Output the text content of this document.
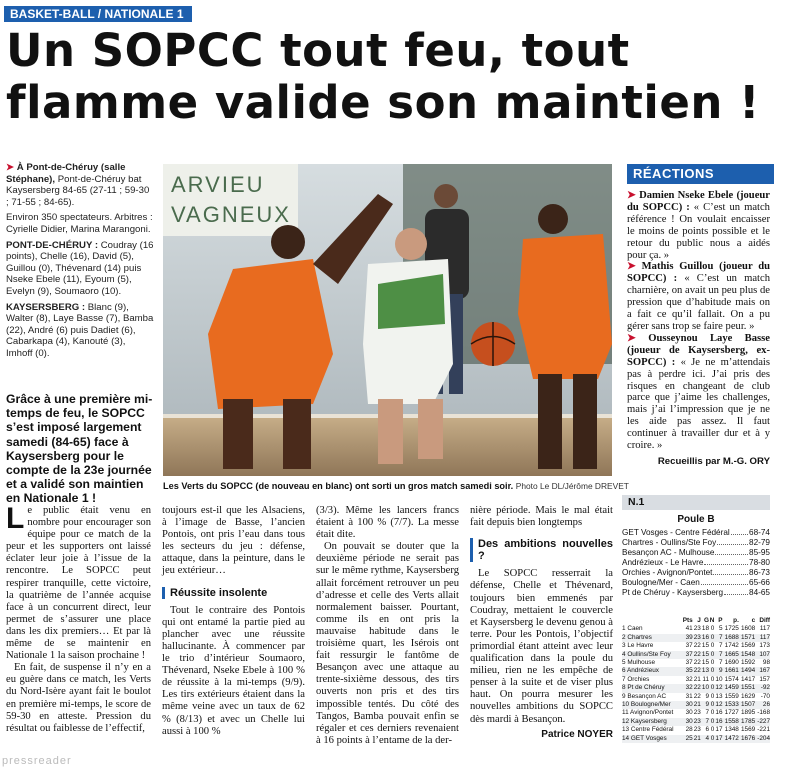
BASKET-BALL / NATIONALE 1
Un SOPCC tout feu, tout
flamme valide son maintien !

➤ À Pont-de-Chéruy (salle Stéphane), Pont-de-Chéruy bat Kaysersberg 84-65 (27-11 ; 59-30 ; 71-55 ; 84-65).

Environ 350 spectateurs. Arbitres : Cyrielle Didier, Marina Marangoni.

PONT-DE-CHÉRUY : Coudray (16 points), Chelle (16), David (5), Guillou (0), Thévenard (14) puis Nseke Ebele (11), Eyoum (5), Evelyn (9), Soumaoro (10).

KAYSERSBERG : Blanc (9), Walter (8), Laye Basse (7), Bamba (22), André (6) puis Dadiet (6), Cabarkapa (4), Kanouté (3), Imhoff (0).

Grâce à une première mi-temps de feu, le SOPCC s’est imposé largement samedi (84-65) face à Kaysersberg pour le compte de la 23e journée et a validé son maintien en Nationale 1 !
ARVIEU
VAGNEUX
Les Verts du SOPCC (de nouveau en blanc) ont sorti un gros match samedi soir. Photo Le DL/Jérôme DREVET
RÉACTIONS

➤ Damien Nseke Ebele (joueur du SOPCC) : « C’est un match référence ! On voulait encaisser le moins de points possible et le retour du public nous a aidés pour ça. »

➤ Mathis Guillou (joueur du SOPCC) : « C’est un match charnière, on avait un peu plus de pression que d’habitude mais on a fait ce qu’il fallait. On a pu gérer sans trop se faire peur. »

➤ Ousseynou Laye Basse (joueur de Kaysersberg, ex-SOPCC) : « Je ne m’attendais pas à perdre ici. J’ai pris des risques en changeant de club parce que j’aime les challenges, mais j’ai l’impression que je ne les aide pas assez. Il faut continuer à travailler dur et à y croire. »

Recueillis par M.-G. ORY

Le public était venu en nombre pour encourager son équipe pour ce match de la peur et les supporters ont laissé éclater leur joie à l’issue de la rencontre. Le SOPCC peut respirer tranquille, cette victoire, la quatrième de l’année acquise face à un concurrent direct, leur permet de s’assurer une place dans les dix premiers… Et par là même de se maintenir en Nationale 1 la saison prochaine !

En fait, de suspense il n’y en a eu guère dans ce match, les Verts du Nord-Isère ayant fait le boulot en première mi-temps, le score de 59-30 en atteste. Pression du résultat ou faiblesse de l’effectif,

toujours est-il que les Alsaciens, à l’image de Basse, l’ancien Pontois, ont pris l’eau dans tous les secteurs du jeu : défense, attaque, dans la peinture, dans le jeu extérieur…

Réussite insolente

Tout le contraire des Pontois qui ont entamé la partie pied au plancher avec une réussite hallucinante. À commencer par le trio d’intérieur Soumaoro, Thévenard, Nseke Ebele à 100 % de réussite à la mi-temps (9/9). Les tirs extérieurs étaient dans la même veine avec un taux de 62 % (8/13) et avec un Chelle lui aussi à 100 %

(3/3). Même les lancers francs étaient à 100 % (7/7). La messe était dite.

On pouvait se douter que la deuxième période ne serait pas sur le même rythme, Kaysersberg allait forcément retrouver un peu d’adresse et celle des Verts allait normalement baisser. Pourtant, comme ils en ont pris la mauvaise habitude dans le troisième quart, les Isérois ont fait ressurgir le fantôme de Besançon avec une attaque au trente-sixième dessous, des tirs ouverts non pris et des tirs impossible tentés. Du côté des Tangos, Bamba pouvait enfin se régaler et ces derniers revenaient à 16 points à l’entame de la der-

nière période. Mais le mal était fait depuis bien longtemps

Des ambitions nouvelles ?

Le SOPCC resserrait la défense, Chelle et Thévenard, toujours bien emmenés par Coudray, mettaient le couvercle et Kaysersberg le devenu genou à terre. Pour les Pontois, l’objectif primordial étant atteint avec leur qualification dans la poule du milieu, rien ne les empêche de penser à la suite et de viser plus haut. On pourra mesurer les nouvelles ambitions du SOPCC dès mardi à Besançon.

Patrice NOYER
N.1
Poule B
GET Vosges - Centre Fédéral 68-74
Chartres - Oullins/Ste Foy	82-79
Besançon AC - Mulhouse	85-95
Andrézieux - Le Havre	78-80
Orchies - Avignon/Pontet	86-73
Boulogne/Mer - Caen	65-66
Pt de Chéruy - Kaysersberg	84-65
	Pts	J	G	N	P	p.	c	Diff
1 Caen	41	23	18	0	5	1725	1608	117
2 Chartres	39	23	16	0	7	1688	1571	117
3 Le Havre	37	22	15	0	7	1742	1569	173
4 Oullins/Ste Foy	37	22	15	0	7	1665	1548	107
5 Mulhouse	37	22	15	0	7	1690	1592	98
6 Andrézieux	35	22	13	0	9	1661	1494	167
7 Orchies	32	21	11	0	10	1574	1417	157
8 Pt de Chéruy	32	22	10	0	12	1459	1551	-92
9 Besançon AC	31	22	9	0	13	1559	1629	-70
10 Boulogne/Mer	30	21	9	0	12	1533	1507	26
11 Avignon/Pontet	30	23	7	0	16	1727	1895	-168
12 Kaysersberg	30	23	7	0	16	1558	1785	-227
13 Centre Fédéral	28	23	6	0	17	1348	1569	-221
14 GET Vosges	25	21	4	0	17	1472	1676	-204
pressreader
